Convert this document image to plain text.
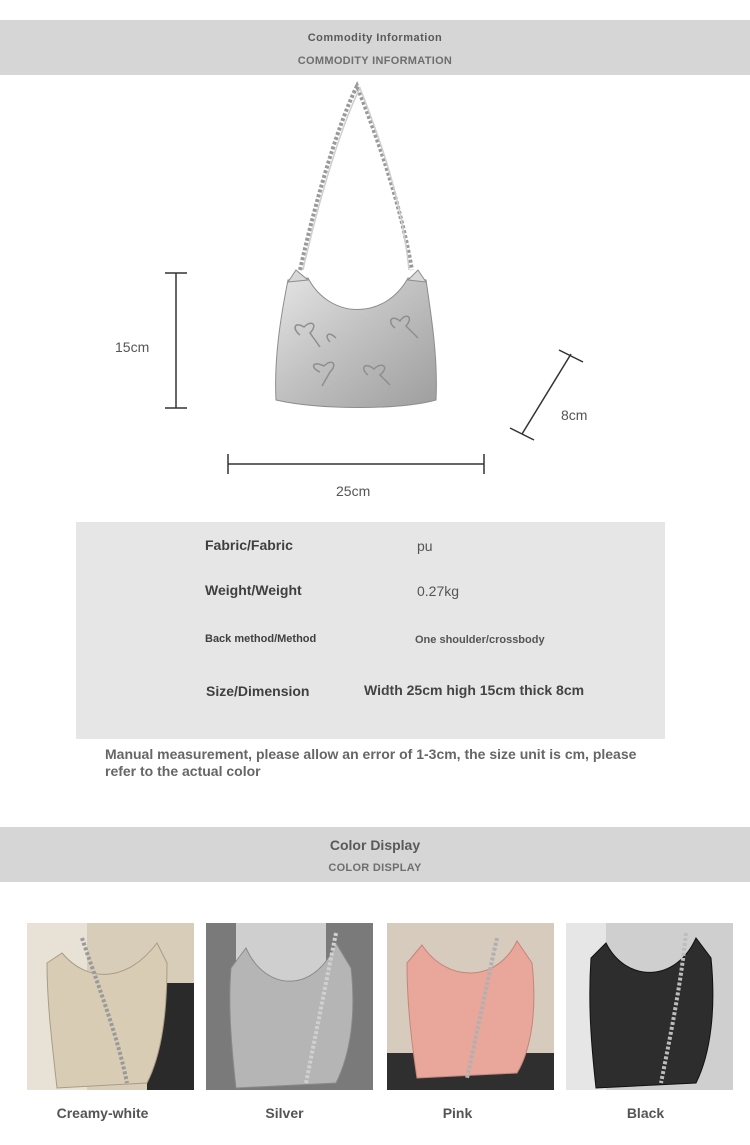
Commodity Information
COMMODITY INFORMATION
15cm
25cm
8cm
Fabric/Fabric	pu
Weight/Weight	0.27kg
Back method/Method	One shoulder/crossbody
Size/Dimension	Width 25cm high 15cm thick 8cm
Manual measurement, please allow an error of 1-3cm, the size unit is cm, please refer to the actual color
Color Display
COLOR DISPLAY
Creamy-white	Silver	Pink	Black
